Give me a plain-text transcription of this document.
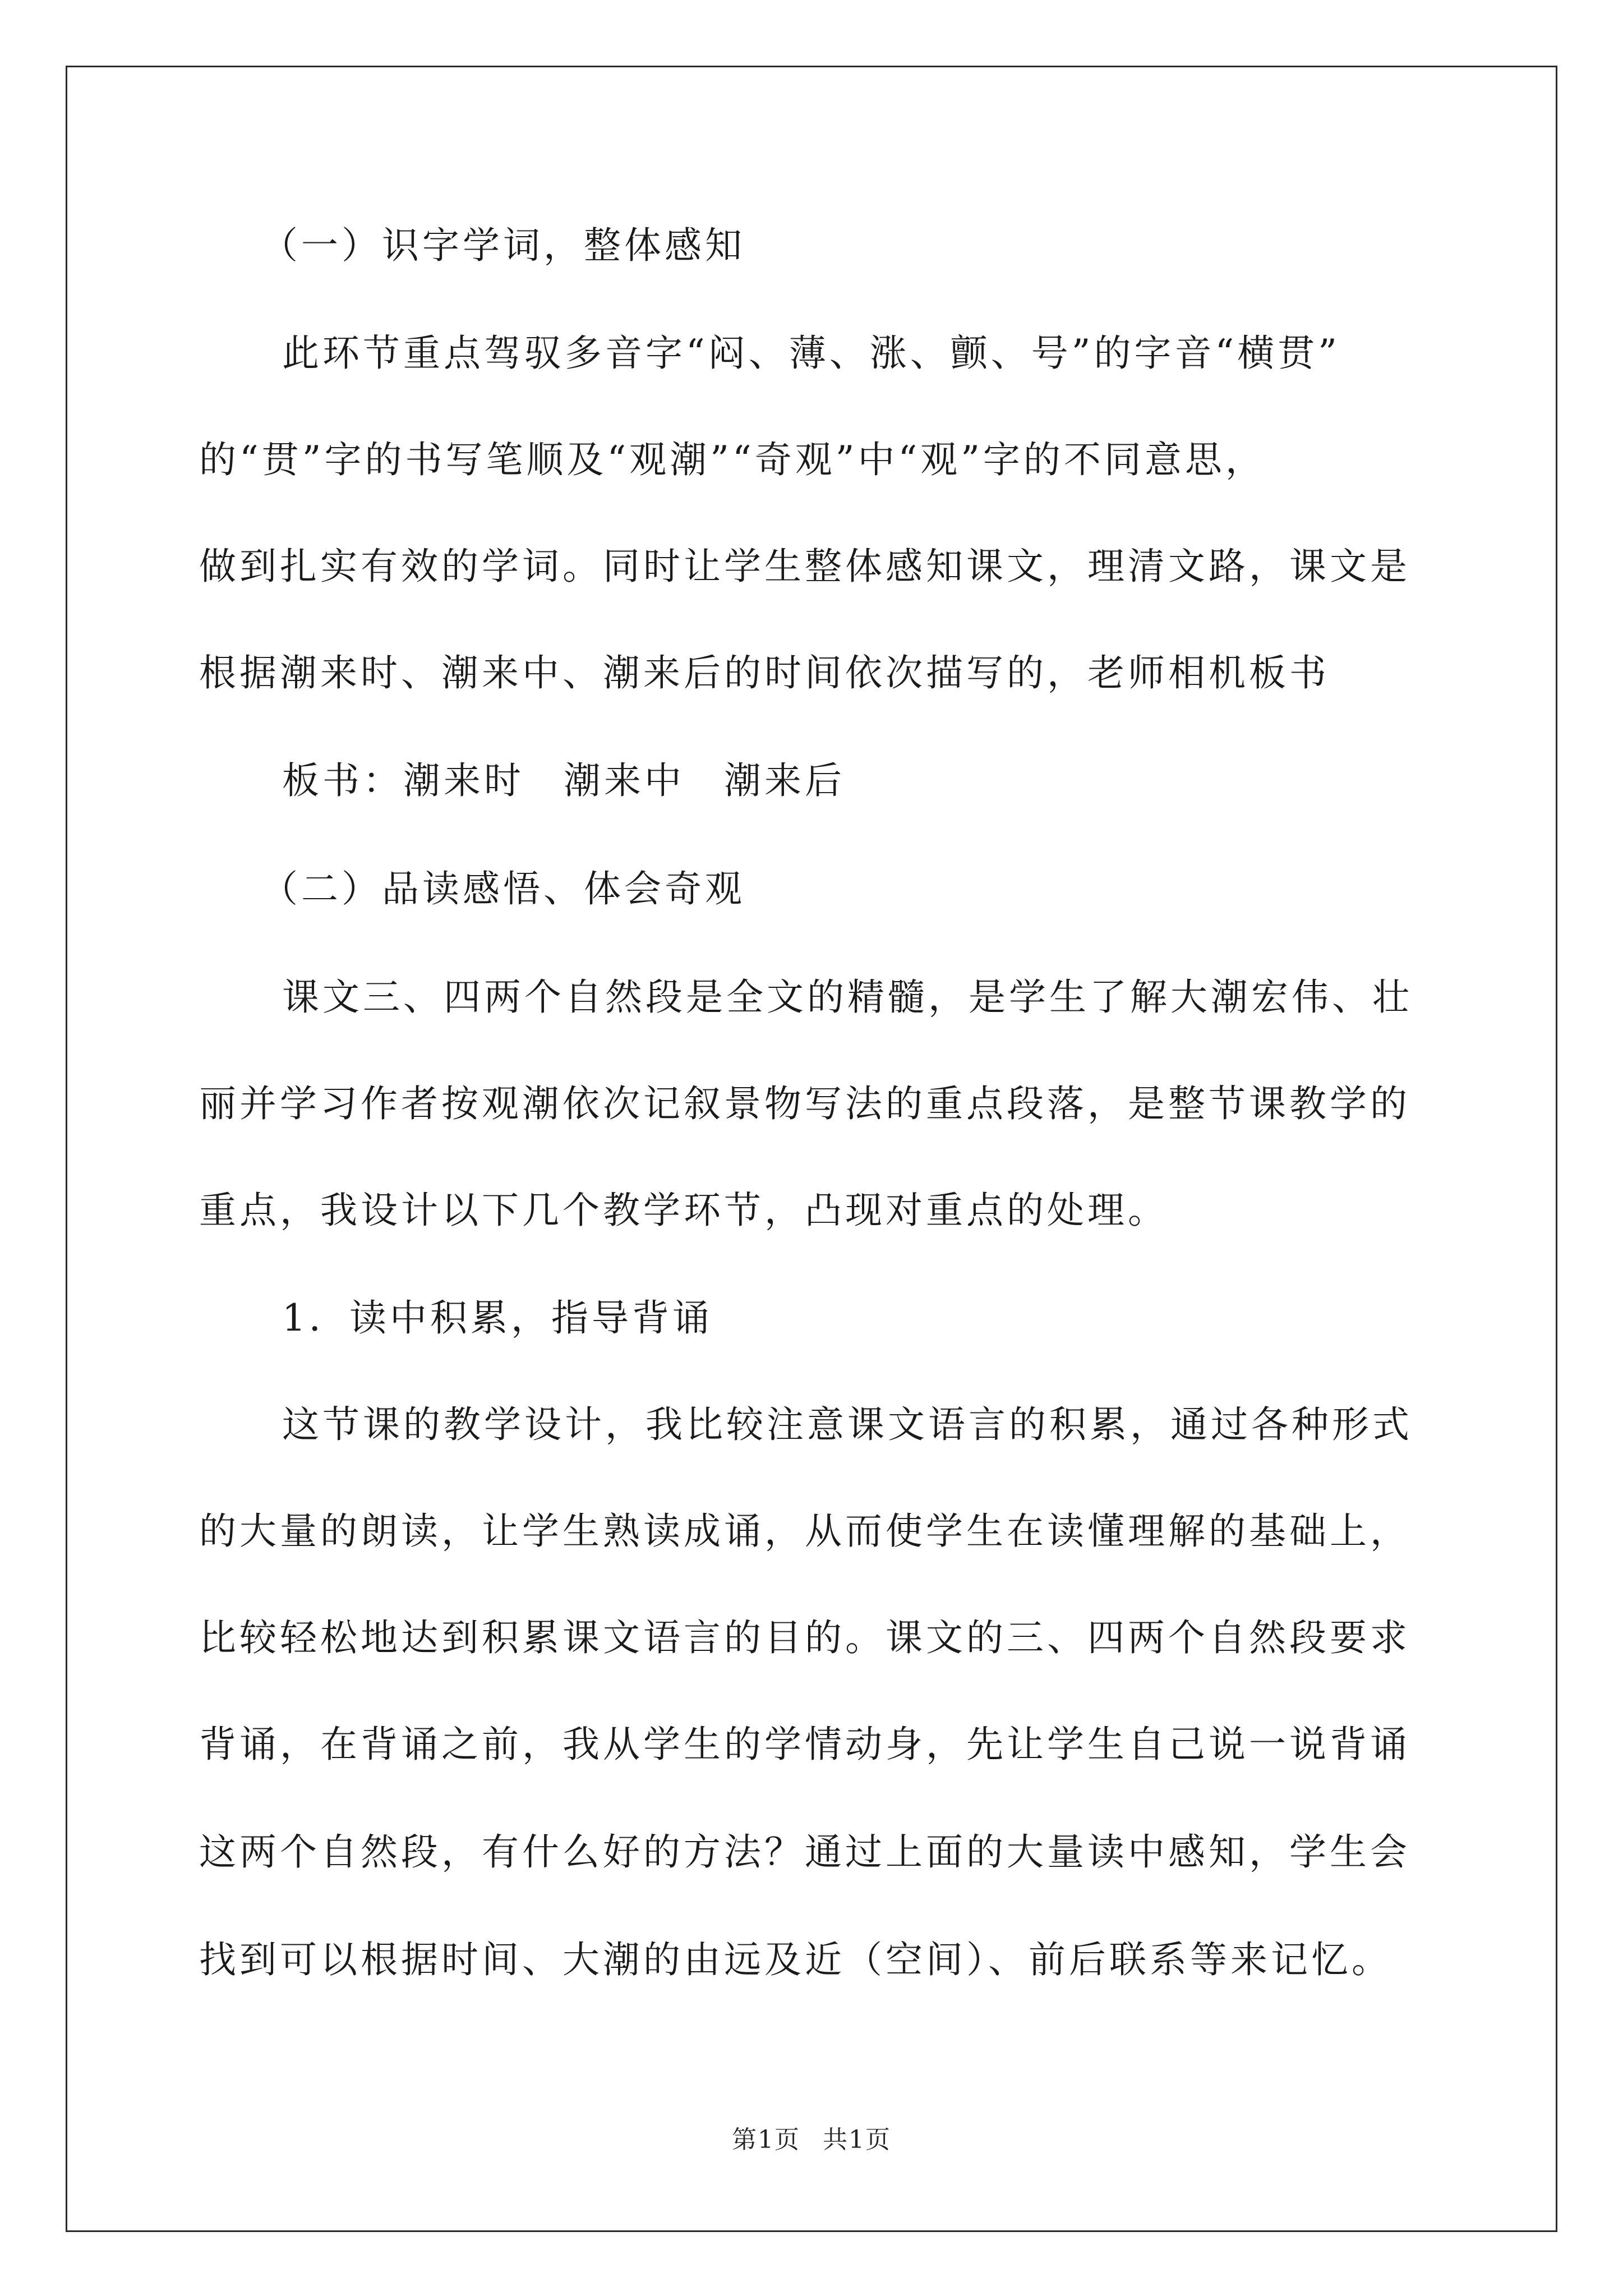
（一）识字学词，整体感知
此环节重点驾驭多音字“闷、薄、涨、颤、号”的字音“横贯”
的“贯”字的书写笔顺及“观潮”“奇观”中“观”字的不同意思，
做到扎实有效的学词。同时让学生整体感知课文，理清文路，课文是
根据潮来时、潮来中、潮来后的时间依次描写的，老师相机板书
板书：潮来时 潮来中 潮来后
（二）品读感悟、体会奇观
课文三、四两个自然段是全文的精髓，是学生了解大潮宏伟、壮
丽并学习作者按观潮依次记叙景物写法的重点段落，是整节课教学的
重点，我设计以下几个教学环节，凸现对重点的处理。
1．读中积累，指导背诵
这节课的教学设计，我比较注意课文语言的积累，通过各种形式
的大量的朗读，让学生熟读成诵，从而使学生在读懂理解的基础上，
比较轻松地达到积累课文语言的目的。课文的三、四两个自然段要求
背诵，在背诵之前，我从学生的学情动身，先让学生自己说一说背诵
这两个自然段，有什么好的方法？通过上面的大量读中感知，学生会
找到可以根据时间、大潮的由远及近（空间）、前后联系等来记忆。
第1页 共1页
